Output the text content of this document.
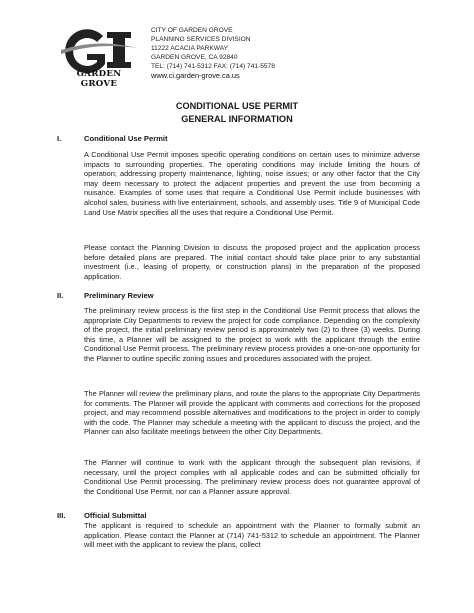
GARDEN GROVE
CITY OF GARDEN GROVE
PLANNING SERVICES DIVISION
11222 ACACIA PARKWAY
GARDEN GROVE, CA 92840
TEL: (714) 741-5312 FAX: (714) 741-5578
www.ci.garden-grove.ca.us
CONDITIONAL USE PERMIT
GENERAL INFORMATION
I.	Conditional Use Permit
A Conditional Use Permit imposes specific operating conditions on certain uses to minimize adverse impacts to surrounding properties. The operating conditions may include limiting the hours of operation; addressing property maintenance, lighting, noise issues; or any other factor that the City may deem necessary to protect the adjacent properties and prevent the use from becoming a nuisance. Examples of some uses that require a Conditional Use Permit include businesses with alcohol sales, business with live entertainment, schools, and assembly uses. Title 9 of Municipal Code Land Use Matrix specifies all the uses that require a Conditional Use Permit.
Please contact the Planning Division to discuss the proposed project and the application process before detailed plans are prepared. The initial contact should take place prior to any substantial investment (i.e., leasing of property, or construction plans) in the preparation of the proposed application.
II.	Preliminary Review
The preliminary review process is the first step in the Conditional Use Permit process that allows the appropriate City Departments to review the project for code compliance. Depending on the complexity of the project, the initial preliminary review period is approximately two (2) to three (3) weeks. During this time, a Planner will be assigned to the project to work with the applicant through the entire Conditional Use Permit process. The preliminary review process provides a one-on-one opportunity for the Planner to outline specific zoning issues and procedures associated with the project.
The Planner will review the preliminary plans, and route the plans to the appropriate City Departments for comments. The Planner will provide the applicant with comments and corrections for the proposed project, and may recommend possible alternatives and modifications to the project in order to comply with the code. The Planner may schedule a meeting with the applicant to discuss the project, and the Planner can also facilitate meetings between the other City Departments.
The Planner will continue to work with the applicant through the subsequent plan revisions, if necessary, until the project complies with all applicable codes and can be submitted officially for Conditional Use Permit processing. The preliminary review process does not guarantee approval of the Conditional Use Permit, nor can a Planner assure approval.
III. Official Submittal
The applicant is required to schedule an appointment with the Planner to formally submit an application. Please contact the Planner at (714) 741-5312 to schedule an appointment. The Planner will meet with the applicant to review the plans, collect
